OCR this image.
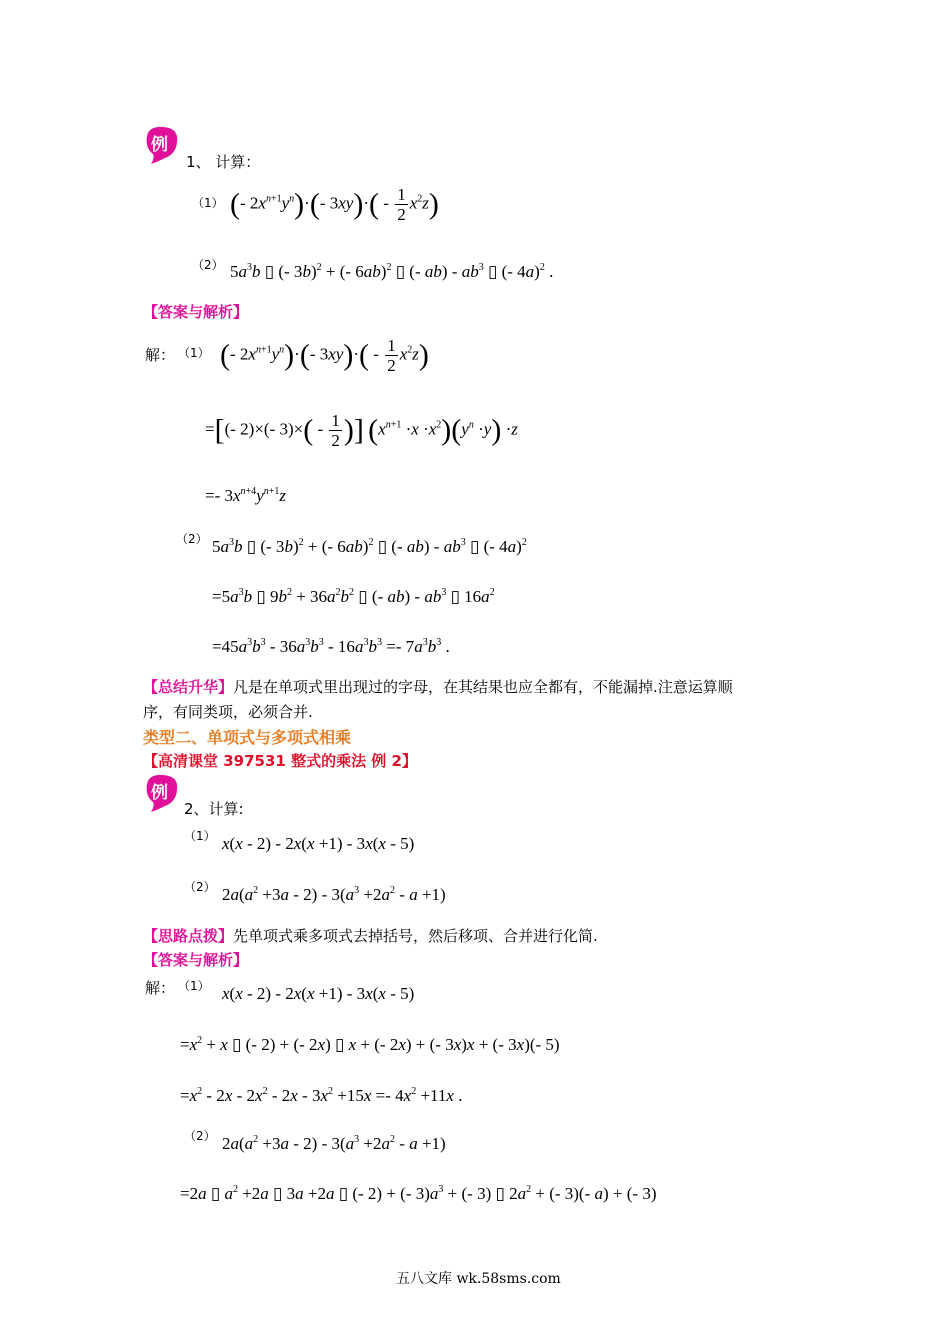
例
1、 计算：
（1） (- $2x^{n+1}y^n)\cdot(-$ $3xy)\cdot( - \frac{1}{2} x^2z)$
（2） $5a^3b$ ▯ (- 3b)$^2$ + (- 6ab)$^2$ ▯ (- $ab) - ab^3$ ▯ (- 4a)$^2$ .
【答案与解析】
解： （1） (- $2x^{n+1}y^n)\cdot(-$ $3xy)\cdot( - \frac{1}{2} x^2z)$
=[(- 2)×(- $3)\times( - \frac{1}{2}$ )] $(x^{n+1} \cdot x \cdot x^2)(y^n \cdot y) \cdot z$
=- $3x^{n+4}y^{n+1}z$
（2） $5a^3b$ ▯ (- 3b)$^2$ + (- 6ab)$^2$ ▯ (- $ab) - ab^3$ ▯ (- 4a)$^2$
$=5a^3b$ ▯ $9b^2 + 36a^2b^2$ ▯ (- $ab) - ab^3$ ▯ $16a^2$
$=45a^3b^3 - 36a^3b^3 - 16a^3b^3 =- 7a^3b^3$ .
【总结升华】凡是在单项式里出现过的字母，在其结果也应全都有，不能漏掉.注意运算顺
序，有同类项，必须合并.
类型二、单项式与多项式相乘
【高清课堂 397531 整式的乘法 例 2】
例
2、计算:
（1） x(x - 2) - 2x(x +1) - 3x(x - 5)
（2） $2a(a^2 +3a - 2) - 3(a^3 +2a^2 - a +1)$
【思路点拨】先单项式乘多项式去掉括号，然后移项、合并进行化简.
【答案与解析】
解： （1） x(x - 2) - 2x(x +1) - 3x(x - 5)
$=x^2 + x$ ▯ (- 2) + (- 2x) ▯ x + (- 2x) + (- 3x)x + (- 3x)(- 5)
$=x^2 - 2x - 2x^2 - 2x - 3x^2 +15x =- 4x^2 +11x$ .
（2） $2a(a^2 +3a - 2) - 3(a^3 +2a^2 - a +1)$
=2a ▯ $a^2 +2a$ ▯ 3a +2a ▯ (- 2) + (- $3)a^3$ + (- 3) ▯ $2a^2$ + (- 3)(- a) + (- 3)
五八文库 wk.58sms.com
